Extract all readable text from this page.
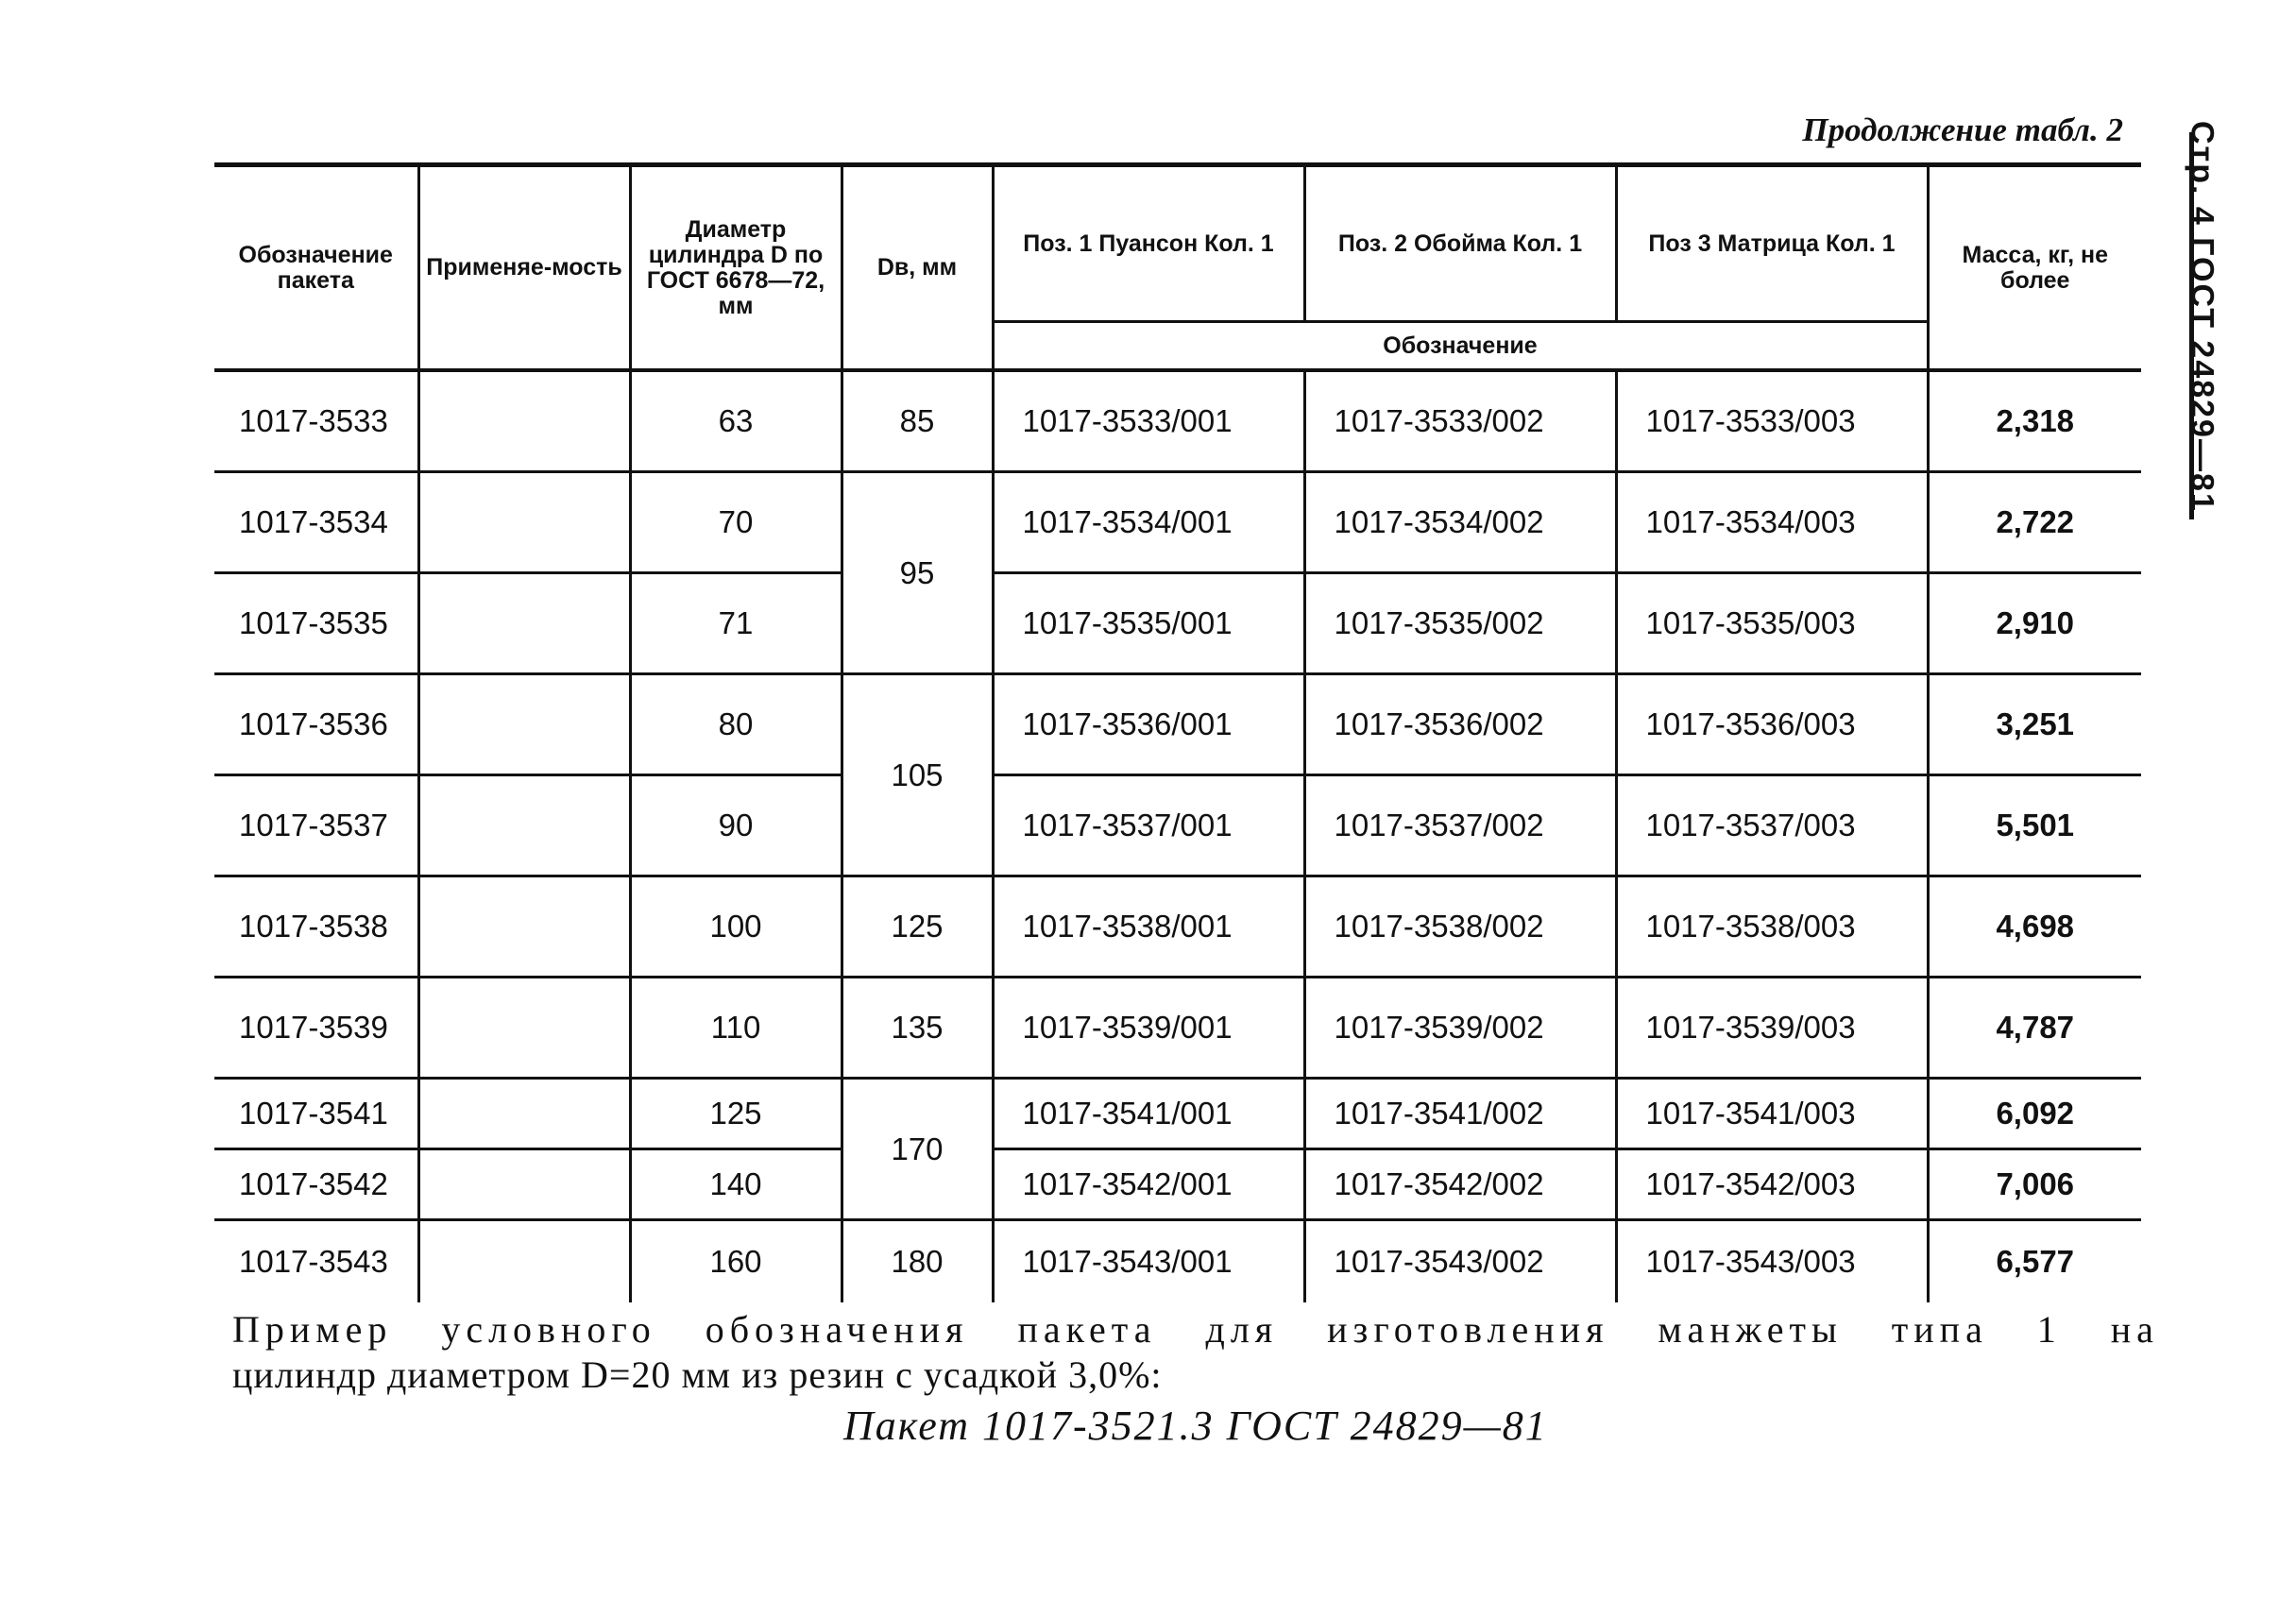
Продолжение табл. 2 Стр. 4 ГОСТ 24829—81
Обозначение пакета	Применяе-мость	Диаметр цилиндра D по ГОСТ 6678—72, мм	Dв, мм	Поз. 1 Пуансон Кол. 1	Поз. 2 Обойма Кол. 1	Поз 3 Матрица Кол. 1	Масса, кг, не более
				Обозначение			
1017-3533		63	85	1017-3533/001	1017-3533/002	1017-3533/003	2,318
1017-3534		70	95	1017-3534/001	1017-3534/002	1017-3534/003	2,722
1017-3535		71		1017-3535/001	1017-3535/002	1017-3535/003	2,910
1017-3536		80	105	1017-3536/001	1017-3536/002	1017-3536/003	3,251
1017-3537		90		1017-3537/001	1017-3537/002	1017-3537/003	5,501
1017-3538		100	125	1017-3538/001	1017-3538/002	1017-3538/003	4,698
1017-3539		110	135	1017-3539/001	1017-3539/002	1017-3539/003	4,787
1017-3541		125	170	1017-3541/001	1017-3541/002	1017-3541/003	6,092
1017-3542		140		1017-3542/001	1017-3542/002	1017-3542/003	7,006
1017-3543		160	180	1017-3543/001	1017-3543/002	1017-3543/003	6,577
Пример условного обозначения пакета для изготовления манжеты типа 1 на
цилиндр диаметром D=20 мм из резин с усадкой 3,0%:
Пакет 1017-3521.3 ГОСТ 24829—81
